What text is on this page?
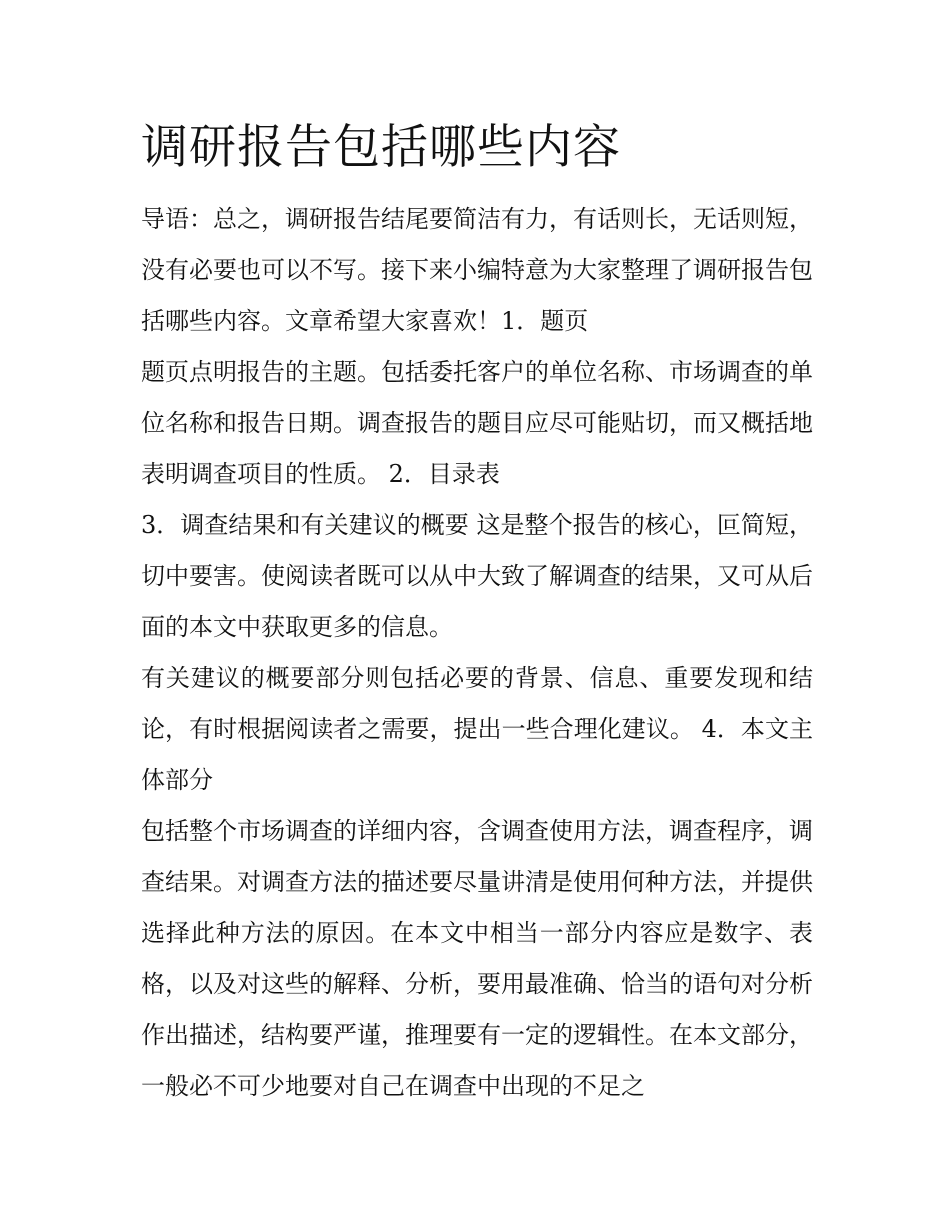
调研报告包括哪些内容

导语：总之，调研报告结尾要简洁有力，有话则长，无话则短，没有必要也可以不写。接下来小编特意为大家整理了调研报告包括哪些内容。文章希望大家喜欢！1．题页

题页点明报告的主题。包括委托客户的单位名称、市场调查的单位名称和报告日期。调查报告的题目应尽可能贴切，而又概括地表明调查项目的性质。 2．目录表

3．调查结果和有关建议的概要 这是整个报告的核心，叵简短，切中要害。使阅读者既可以从中大致了解调查的结果，又可从后面的本文中获取更多的信息。

有关建议的概要部分则包括必要的背景、信息、重要发现和结论，有时根据阅读者之需要，提出一些合理化建议。 4．本文主体部分

包括整个市场调查的详细内容，含调查使用方法，调查程序，调查结果。对调查方法的描述要尽量讲清是使用何种方法，并提供选择此种方法的原因。在本文中相当一部分内容应是数字、表格，以及对这些的解释、分析，要用最准确、恰当的语句对分析作出描述，结构要严谨，推理要有一定的逻辑性。在本文部分，一般必不可少地要对自己在调查中出现的不足之
